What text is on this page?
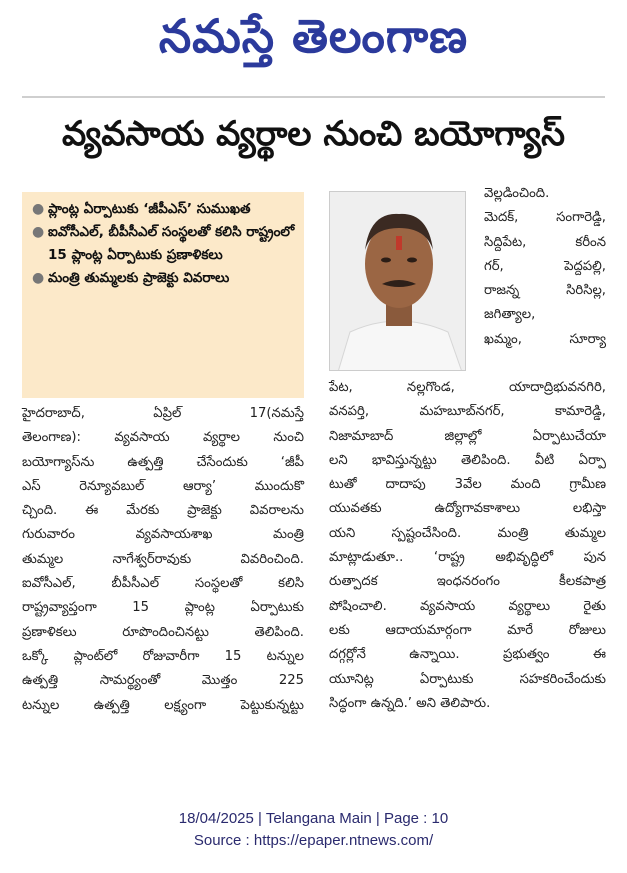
నమస్తే తెలంగాణ
వ్యవసాయ వ్యర్థాల నుంచి బయోగ్యాస్
● ప్లాంట్ల ఏర్పాటుకు ‘జీపీఎస్’ సుముఖత
● ఐవోసీఎల్, బీపీసీఎల్ సంస్థలతో కలిసి రాష్ట్రంలో 15 ప్లాంట్ల ఏర్పాటుకు ప్రణాళికలు
● మంత్రి తుమ్మలకు ప్రాజెక్టు వివరాలు

వెల్లడించింది.

మెదక్, సంగారెడ్డి,

సిద్దిపేట, కరీంన

గర్, పెద్దపల్లి,

రాజన్న సిరిసిల్ల,

జగిత్యాల,

ఖమ్మం, సూర్యా

హైదరాబాద్, ఏప్రిల్ 17(నమస్తే

తెలంగాణ): వ్యవసాయ వ్యర్థాల నుంచి

బయోగ్యాస్‌ను ఉత్పత్తి చేసేందుకు ‘జీపీ

ఎస్ రెన్యూవబుల్ ఆర్యా’ ముందుకొ

చ్చింది. ఈ మేరకు ప్రాజెక్టు వివరాలను

గురువారం వ్యవసాయశాఖ మంత్రి

తుమ్మల నాగేశ్వర్‌రావుకు వివరించింది.

ఐవోసీఎల్, బీపీసీఎల్ సంస్థలతో కలిసి

రాష్ట్రవ్యాప్తంగా 15 ప్లాంట్ల ఏర్పాటుకు

ప్రణాళికలు రూపొందించినట్టు తెలిపింది.

ఒక్కో ప్లాంట్‌లో రోజువారీగా 15 టన్నుల

ఉత్పత్తి సామర్థ్యంతో మొత్తం 225

టన్నుల ఉత్పత్తి లక్ష్యంగా పెట్టుకున్నట్టు

పేట, నల్లగొండ, యాదాద్రిభువనగిరి,

వనపర్తి, మహబూబ్‌నగర్, కామారెడ్డి,

నిజామాబాద్ జిల్లాల్లో ఏర్పాటుచేయా

లని భావిస్తున్నట్టు తెలిపింది. వీటి ఏర్పా

టుతో దాదాపు 3వేల మంది గ్రామీణ

యువతకు ఉద్యోగావకాశాలు లభిస్తా

యని స్పష్టంచేసింది. మంత్రి తుమ్మల

మాట్లాడుతూ.. ‘రాష్ట్ర అభివృద్ధిలో పున

రుత్పాదక ఇంధనరంగం కీలకపాత్ర

పోషించాలి. వ్యవసాయ వ్యర్థాలు రైతు

లకు ఆదాయమార్గంగా మారే రోజులు

దగ్గర్లోనే ఉన్నాయి. ప్రభుత్వం ఈ

యూనిట్ల ఏర్పాటుకు సహకరించేందుకు

సిద్ధంగా ఉన్నది.’ అని తెలిపారు.

18/04/2025 | Telangana Main | Page : 10
Source : https://epaper.ntnews.com/
